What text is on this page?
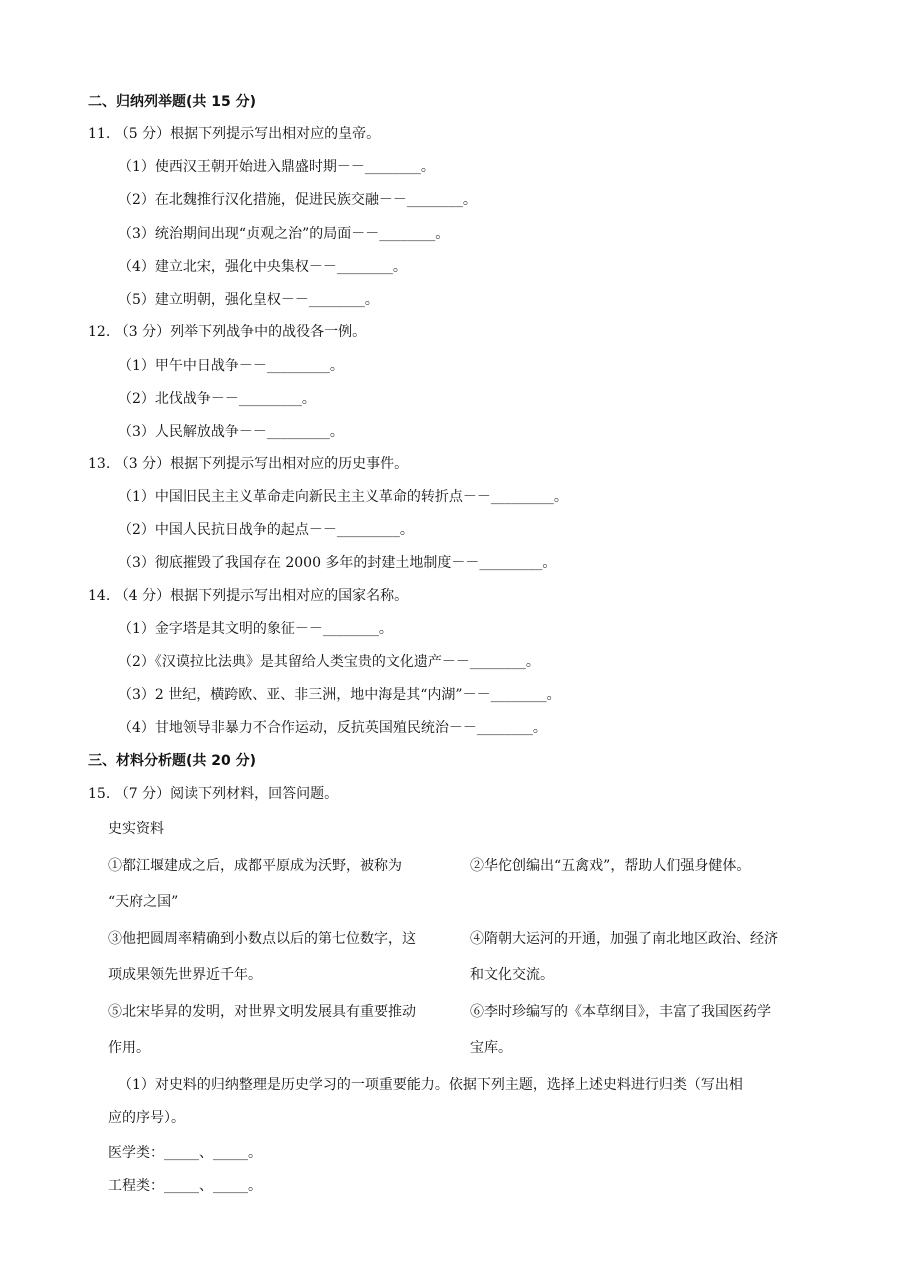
二、归纳列举题(共 15 分)
11. （5 分）根据下列提示写出相对应的皇帝。
（1）使西汉王朝开始进入鼎盛时期－－________。
（2）在北魏推行汉化措施，促进民族交融－－________。
（3）统治期间出现“贞观之治”的局面－－________。
（4）建立北宋，强化中央集权－－________。
（5）建立明朝，强化皇权－－________。
12. （3 分）列举下列战争中的战役各一例。
（1）甲午中日战争－－_________。
（2）北伐战争－－_________。
（3）人民解放战争－－_________。
13. （3 分）根据下列提示写出相对应的历史事件。
（1）中国旧民主主义革命走向新民主主义革命的转折点－－_________。
（2）中国人民抗日战争的起点－－_________。
（3）彻底摧毁了我国存在 2000 多年的封建土地制度－－_________。
14. （4 分）根据下列提示写出相对应的国家名称。
（1）金字塔是其文明的象征－－________。
（2）《汉谟拉比法典》是其留给人类宝贵的文化遗产－－________。
（3）2 世纪，横跨欧、亚、非三洲，地中海是其“内湖”－－________。
（4）甘地领导非暴力不合作运动，反抗英国殖民统治－－________。
三、材料分析题(共 20 分)
15. （7 分）阅读下列材料，回答问题。
史实资料
①都江堰建成之后，成都平原成为沃野，被称为	②华佗创编出“五禽戏”，帮助人们强身健体。
“天府之国”
③他把圆周率精确到小数点以后的第七位数字，这	④隋朝大运河的开通，加强了南北地区政治、经济
项成果领先世界近千年。	和文化交流。
⑤北宋毕昇的发明，对世界文明发展具有重要推动	⑥李时珍编写的《本草纲目》，丰富了我国医药学
作用。	宝库。
（1）对史料的归纳整理是历史学习的一项重要能力。依据下列主题，选择上述史料进行归类（写出相
应的序号）。
医学类：_____、_____。
工程类：_____、_____。
